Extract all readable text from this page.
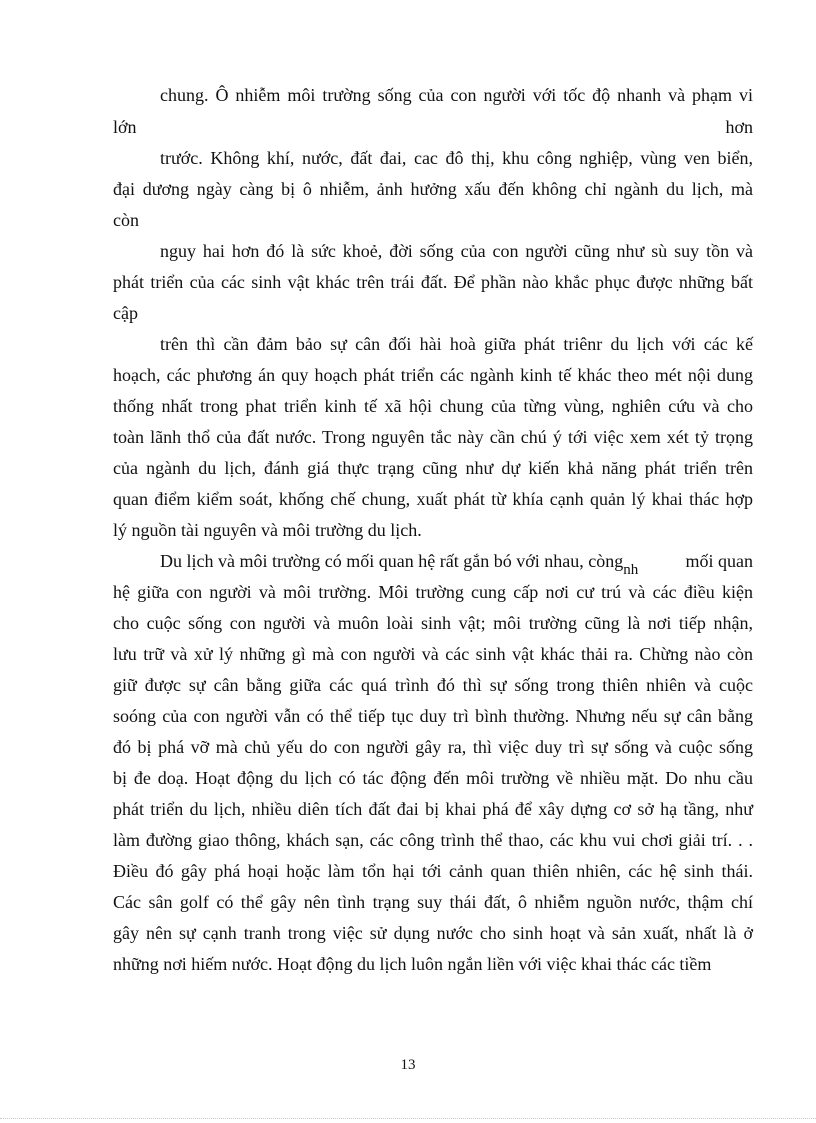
chung. Ô nhiễm môi trường sống của con người với tốc độ nhanh và phạm vi
lớn	hơn
trước. Không khí, nước, đất đai, cac đô thị, khu công nghiệp, vùng ven biển,
đại dương ngày càng bị ô nhiễm, ảnh hưởng xấu đến không chỉ ngành du lịch, mà
còn
nguy hai hơn đó là sức khoẻ, đời sống của con người cũng như sù suy tồn và
phát triển của các sinh vật khác trên trái đất. Để phần nào khắc phục được những bất
cập
trên thì cần đảm bảo sự cân đối hài hoà giữa phát triênr du lịch với các kế
hoạch, các phương án quy hoạch phát triển các ngành kinh tế khác theo mét nội dung
thống nhất trong phat triển kinh tế xã hội chung của từng vùng, nghiên cứu và cho
toàn lãnh thổ của đất nước. Trong nguyên tắc này cần chú ý tới việc xem xét tỷ trọng
của ngành du lịch, đánh giá thực trạng cũng như dự kiến khả năng phát triển trên
quan điểm kiểm soát, khống chế chung, xuất phát từ khía cạnh quản lý khai thác hợp
lý nguồn tài nguyên và môi trường du lịch.
Du lịch và môi trường có mối quan hệ rất gắn bó với nhau, còng$_{nh}$	mối quan
hệ giữa con người và môi trường. Môi trường cung cấp nơi cư trú và các điều kiện
cho cuộc sống con người và muôn loài sinh vật; môi trường cũng là nơi tiếp nhận,
lưu trữ và xử lý những gì mà con người và các sinh vật khác thải ra. Chừng nào còn
giữ được sự cân bằng giữa các quá trình đó thì sự sống trong thiên nhiên và cuộc
soóng của con người vẫn có thể tiếp tục duy trì bình thường. Nhưng nếu sự cân bằng
đó bị phá vỡ mà chủ yếu do con người gây ra, thì việc duy trì sự sống và cuộc sống
bị đe doạ. Hoạt động du lịch có tác động đến môi trường về nhiều mặt. Do nhu cầu
phát triển du lịch, nhiều diên tích đất đai bị khai phá để xây dựng cơ sở hạ tầng, như
làm đường giao thông, khách sạn, các công trình thể thao, các khu vui chơi giải trí. . .
Điều đó gây phá hoại hoặc làm tổn hại tới cảnh quan thiên nhiên, các hệ sinh thái.
Các sân golf có thể gây nên tình trạng suy thái đất, ô nhiễm nguồn nước, thậm chí
gây nên sự cạnh tranh trong việc sử dụng nước cho sinh hoạt và sản xuất, nhất là ở
những nơi hiếm nước. Hoạt động du lịch luôn ngắn liền với việc khai thác các tiềm
13
